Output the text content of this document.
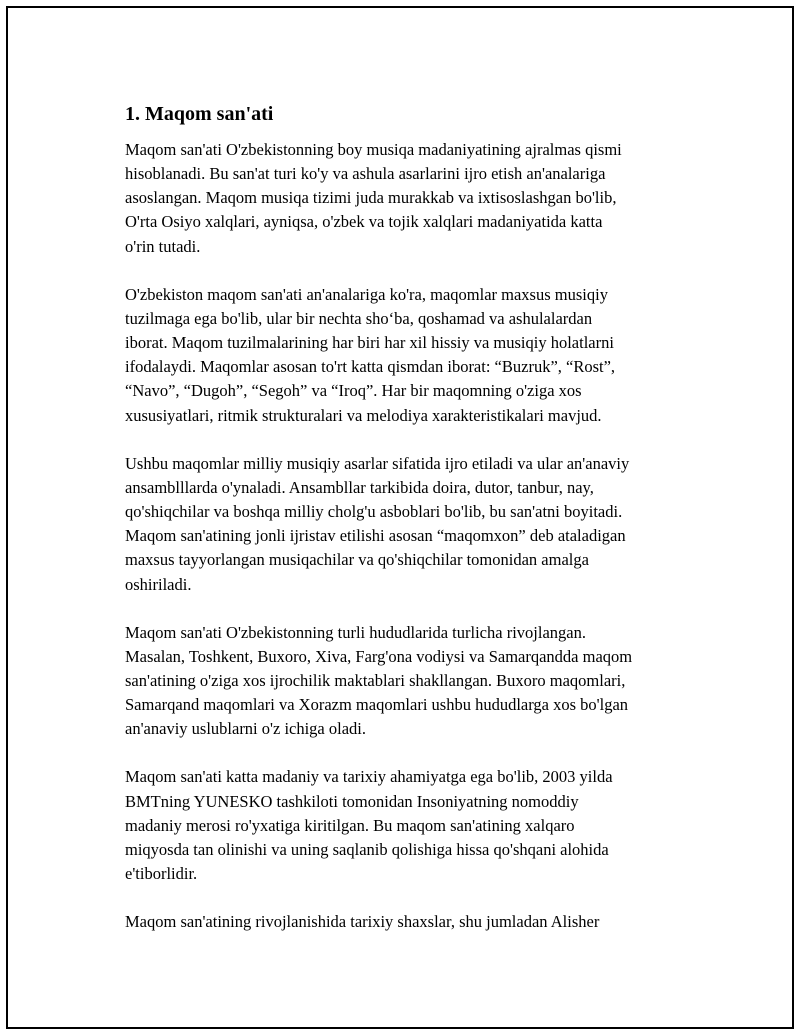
1. Maqom san'ati
Maqom san'ati O'zbekistonning boy musiqa madaniyatining ajralmas qismi
hisoblanadi. Bu san'at turi ko'y va ashula asarlarini ijro etish an'analariga
asoslangan. Maqom musiqa tizimi juda murakkab va ixtisoslashgan bo'lib,
O'rta Osiyo xalqlari, ayniqsa, o'zbek va tojik xalqlari madaniyatida katta
o'rin tutadi.
O'zbekiston maqom san'ati an'analariga ko'ra, maqomlar maxsus musiqiy
tuzilmaga ega bo'lib, ular bir nechta sho‘ba, qoshamad va ashulalardan
iborat. Maqom tuzilmalarining har biri har xil hissiy va musiqiy holatlarni
ifodalaydi. Maqomlar asosan to'rt katta qismdan iborat: “Buzruk”, “Rost”,
“Navo”, “Dugoh”, “Segoh” va “Iroq”. Har bir maqomning o'ziga xos
xususiyatlari, ritmik strukturalari va melodiya xarakteristikalari mavjud.
Ushbu maqomlar milliy musiqiy asarlar sifatida ijro etiladi va ular an'anaviy
ansamblllarda o'ynaladi. Ansambllar tarkibida doira, dutor, tanbur, nay,
qo'shiqchilar va boshqa milliy cholg'u asboblari bo'lib, bu san'atni boyitadi.
Maqom san'atining jonli ijristav etilishi asosan “maqomxon” deb ataladigan
maxsus tayyorlangan musiqachilar va qo'shiqchilar tomonidan amalga
oshiriladi.
Maqom san'ati O'zbekistonning turli hududlarida turlicha rivojlangan.
Masalan, Toshkent, Buxoro, Xiva, Farg'ona vodiysi va Samarqandda maqom
san'atining o'ziga xos ijrochilik maktablari shakllangan. Buxoro maqomlari,
Samarqand maqomlari va Xorazm maqomlari ushbu hududlarga xos bo'lgan
an'anaviy uslublarni o'z ichiga oladi.
Maqom san'ati katta madaniy va tarixiy ahamiyatga ega bo'lib, 2003 yilda
BMTning YUNESKO tashkiloti tomonidan Insoniyatning nomoddiy
madaniy merosi ro'yxatiga kiritilgan. Bu maqom san'atining xalqaro
miqyosda tan olinishi va uning saqlanib qolishiga hissa qo'shqani alohida
e'tiborlidir.
Maqom san'atining rivojlanishida tarixiy shaxslar, shu jumladan Alisher
